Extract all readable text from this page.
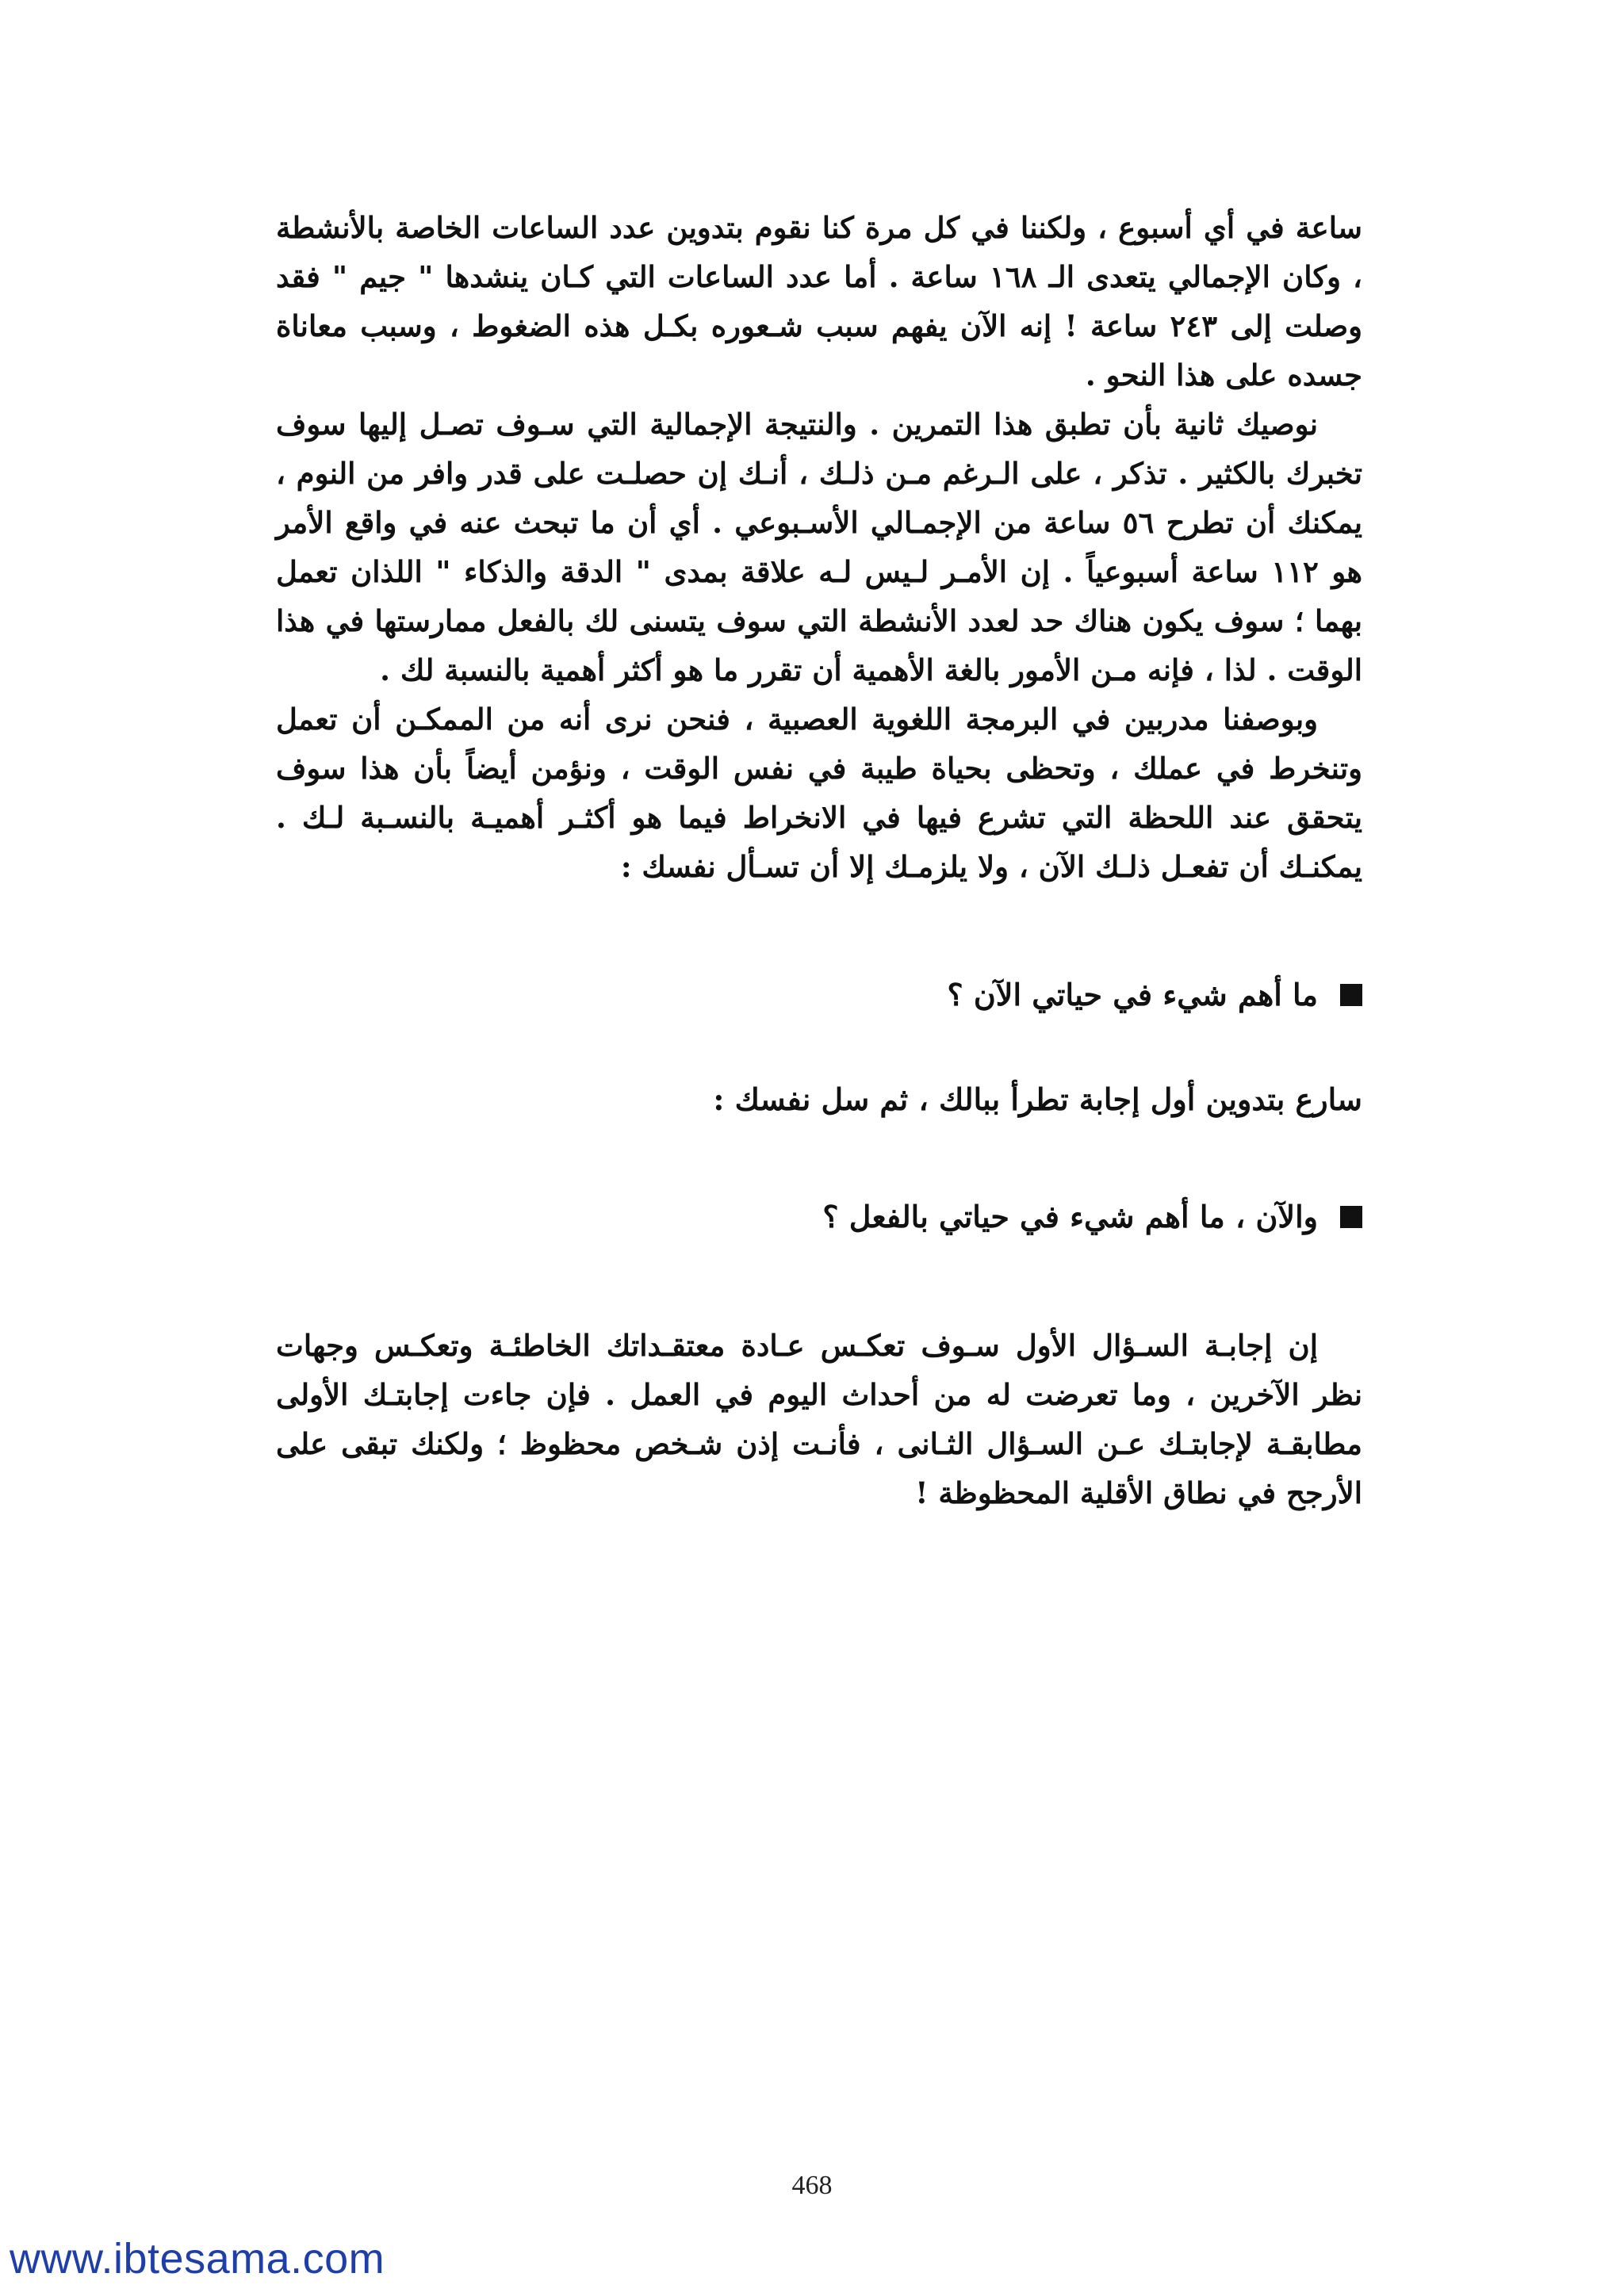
ساعة في أي أسبوع ، ولكننا في كل مرة كنا نقوم بتدوين عدد الساعات الخاصة بالأنشطة ، وكان الإجمالي يتعدى الـ ١٦٨ ساعة . أما عدد الساعات التي كـان ينشدها " جيم " فقد وصلت إلى ٢٤٣ ساعة ! إنه الآن يفهم سبب شـعوره بكـل هذه الضغوط ، وسبب معاناة جسده على هذا النحو .

نوصيك ثانية بأن تطبق هذا التمرين . والنتيجة الإجمالية التي سـوف تصـل إليها سوف تخبرك بالكثير . تذكر ، على الـرغم مـن ذلـك ، أنـك إن حصلـت على قدر وافر من النوم ، يمكنك أن تطرح ٥٦ ساعة من الإجمـالي الأسـبوعي . أي أن ما تبحث عنه في واقع الأمر هو ١١٢ ساعة أسبوعياً . إن الأمـر لـيس لـه علاقة بمدى " الدقة والذكاء " اللذان تعمل بهما ؛ سوف يكون هناك حد لعدد الأنشطة التي سوف يتسنى لك بالفعل ممارستها في هذا الوقت . لذا ، فإنه مـن الأمور بالغة الأهمية أن تقرر ما هو أكثر أهمية بالنسبة لك .

وبوصفنا مدربين في البرمجة اللغوية العصبية ، فنحن نرى أنه من الممكـن أن تعمل وتنخرط في عملك ، وتحظى بحياة طيبة في نفس الوقت ، ونؤمن أيضاً بأن هذا سوف يتحقق عند اللحظة التي تشرع فيها في الانخراط فيما هو أكثـر أهميـة بالنسـبة لـك . يمكنـك أن تفعـل ذلـك الآن ، ولا يلزمـك إلا أن تسـأل نفسك :

ما أهم شيء في حياتي الآن ؟

سارع بتدوين أول إجابة تطرأ ببالك ، ثم سل نفسك :

والآن ، ما أهم شيء في حياتي بالفعل ؟

إن إجابـة السـؤال الأول سـوف تعكـس عـادة معتقـداتك الخاطئـة وتعكـس وجهات نظر الآخرين ، وما تعرضت له من أحداث اليوم في العمل . فإن جاءت إجابتـك الأولى مطابقـة لإجابتـك عـن السـؤال الثـانى ، فأنـت إذن شـخص محظوظ ؛ ولكنك تبقى على الأرجح في نطاق الأقلية المحظوظة !

468
www.ibtesama.com
